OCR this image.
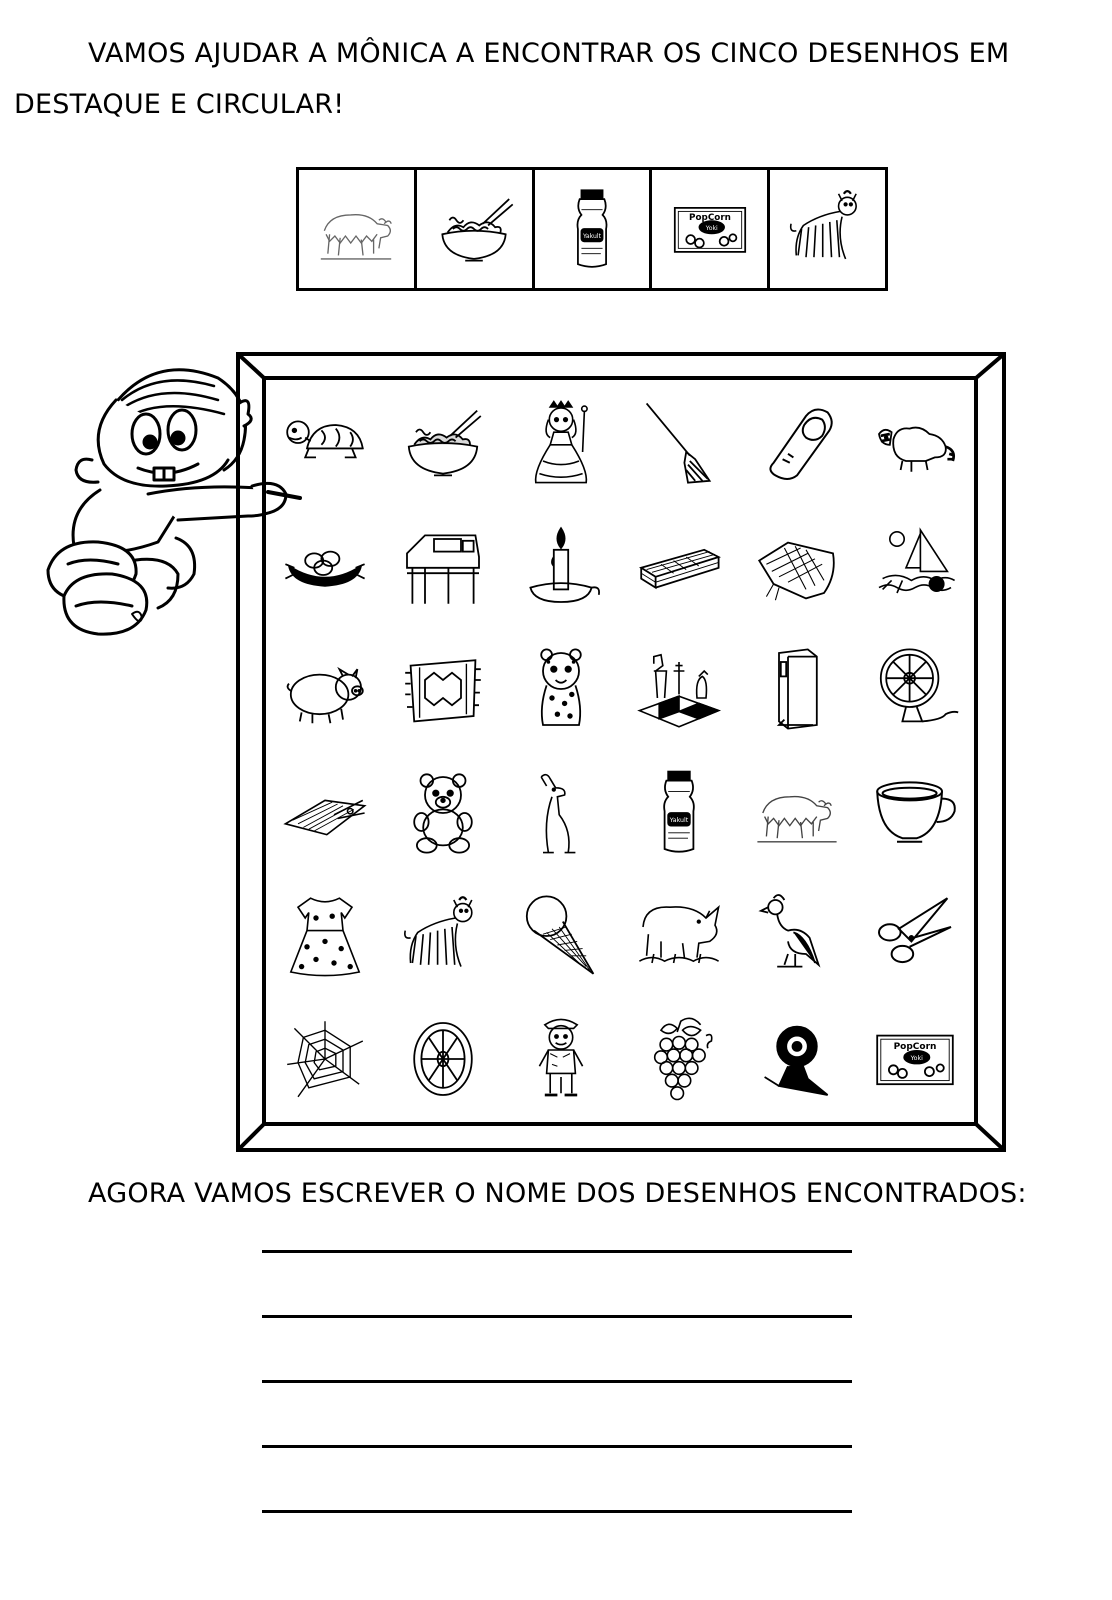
VAMOS AJUDAR A MÔNICA A ENCONTRAR OS CINCO DESENHOS EM
DESTAQUE E CIRCULAR!
Yakult
PopCorn
Yoki
Yakult
PopCorn
Yoki
AGORA VAMOS ESCREVER O NOME DOS DESENHOS ENCONTRADOS:
